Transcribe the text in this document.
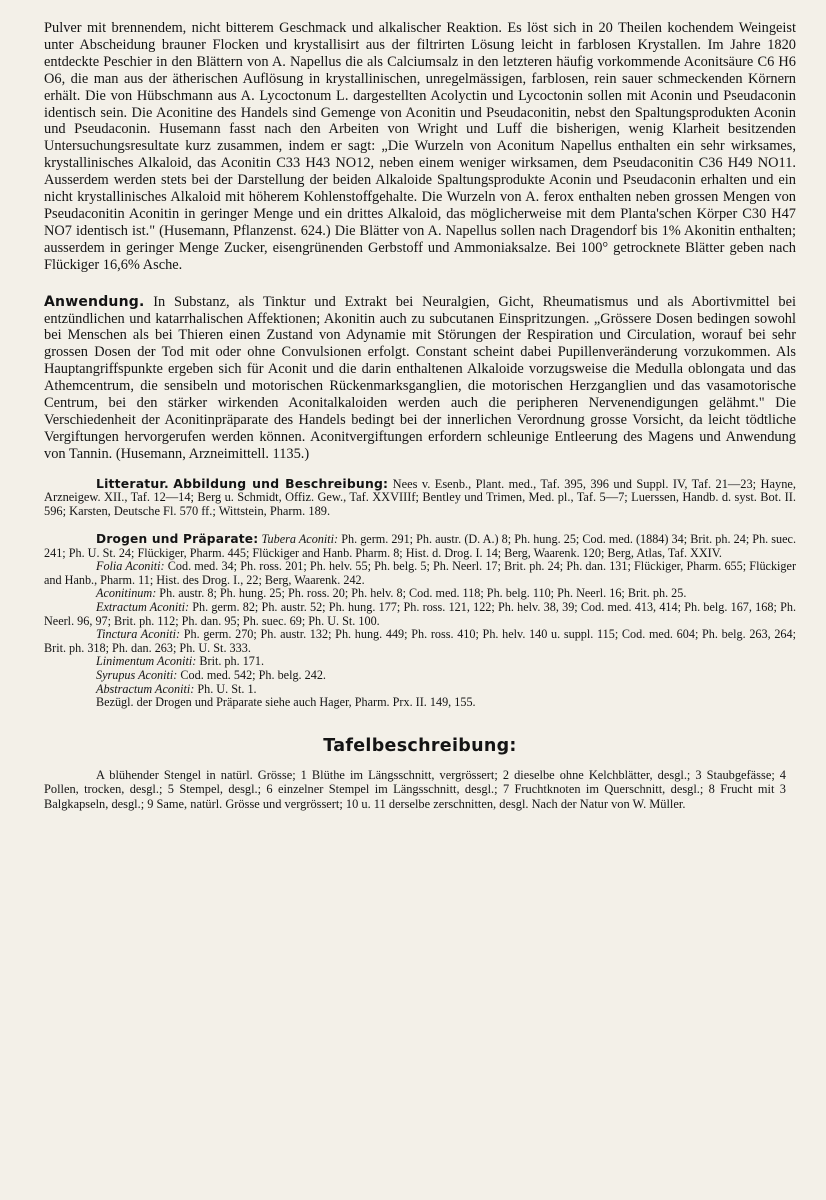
Pulver mit brennendem, nicht bitterem Geschmack und alkalischer Reaktion. Es löst sich in 20 Theilen kochendem Weingeist unter Abscheidung brauner Flocken und krystallisirt aus der filtrirten Lösung leicht in farblosen Krystallen. Im Jahre 1820 entdeckte Peschier in den Blättern von A. Napellus die als Calciumsalz in den letzteren häufig vorkommende Aconitsäure C6 H6 O6, die man aus der ätherischen Auflösung in krystallinischen, unregelmässigen, farblosen, rein sauer schmeckenden Körnern erhält. Die von Hübschmann aus A. Lycoctonum L. dargestellten Acolyctin und Lycoctonin sollen mit Aconin und Pseudaconin identisch sein. Die Aconitine des Handels sind Gemenge von Aconitin und Pseudaconitin, nebst den Spaltungsprodukten Aconin und Pseudaconin. Husemann fasst nach den Arbeiten von Wright und Luff die bisherigen, wenig Klarheit besitzenden Untersuchungsresultate kurz zusammen, indem er sagt: „Die Wurzeln von Aconitum Napellus enthalten ein sehr wirksames, krystallinisches Alkaloid, das Aconitin C33 H43 NO12, neben einem weniger wirksamen, dem Pseudaconitin C36 H49 NO11. Ausserdem werden stets bei der Darstellung der beiden Alkaloide Spaltungsprodukte Aconin und Pseudaconin erhalten und ein nicht krystallinisches Alkaloid mit höherem Kohlenstoffgehalte. Die Wurzeln von A. ferox enthalten neben grossen Mengen von Pseudaconitin Aconitin in geringer Menge und ein drittes Alkaloid, das möglicherweise mit dem Planta'schen Körper C30 H47 NO7 identisch ist." (Husemann, Pflanzenst. 624.) Die Blätter von A. Napellus sollen nach Dragendorf bis 1% Akonitin enthalten; ausserdem in geringer Menge Zucker, eisengrünenden Gerbstoff und Ammoniaksalze. Bei 100° getrocknete Blätter geben nach Flückiger 16,6% Asche.

Anwendung. In Substanz, als Tinktur und Extrakt bei Neuralgien, Gicht, Rheumatismus und als Abortivmittel bei entzündlichen und katarrhalischen Affektionen; Akonitin auch zu subcutanen Einspritzungen. „Grössere Dosen bedingen sowohl bei Menschen als bei Thieren einen Zustand von Adynamie mit Störungen der Respiration und Circulation, worauf bei sehr grossen Dosen der Tod mit oder ohne Convulsionen erfolgt. Constant scheint dabei Pupillenveränderung vorzukommen. Als Hauptangriffspunkte ergeben sich für Aconit und die darin enthaltenen Alkaloide vorzugsweise die Medulla oblongata und das Athemcentrum, die sensibeln und motorischen Rückenmarksganglien, die motorischen Herzganglien und das vasamotorische Centrum, bei den stärker wirkenden Aconitalkaloiden werden auch die peripheren Nervenendigungen gelähmt." Die Verschiedenheit der Aconitinpräparate des Handels bedingt bei der innerlichen Verordnung grosse Vorsicht, da leicht tödtliche Vergiftungen hervorgerufen werden können. Aconitvergiftungen erfordern schleunige Entleerung des Magens und Anwendung von Tannin. (Husemann, Arzneimittell. 1135.)

Litteratur. Abbildung und Beschreibung: Nees v. Esenb., Plant. med., Taf. 395, 396 und Suppl. IV, Taf. 21—23; Hayne, Arzneigew. XII., Taf. 12—14; Berg u. Schmidt, Offiz. Gew., Taf. XXVIIIf; Bentley und Trimen, Med. pl., Taf. 5—7; Luerssen, Handb. d. syst. Bot. II. 596; Karsten, Deutsche Fl. 570 ff.; Wittstein, Pharm. 189.

Drogen und Präparate: Tubera Aconiti: Ph. germ. 291; Ph. austr. (D. A.) 8; Ph. hung. 25; Cod. med. (1884) 34; Brit. ph. 24; Ph. suec. 241; Ph. U. St. 24; Flückiger, Pharm. 445; Flückiger and Hanb. Pharm. 8; Hist. d. Drog. I. 14; Berg, Waarenk. 120; Berg, Atlas, Taf. XXIV.

Folia Aconiti: Cod. med. 34; Ph. ross. 201; Ph. helv. 55; Ph. belg. 5; Ph. Neerl. 17; Brit. ph. 24; Ph. dan. 131; Flückiger, Pharm. 655; Flückiger and Hanb., Pharm. 11; Hist. des Drog. I., 22; Berg, Waarenk. 242.

Aconitinum: Ph. austr. 8; Ph. hung. 25; Ph. ross. 20; Ph. helv. 8; Cod. med. 118; Ph. belg. 110; Ph. Neerl. 16; Brit. ph. 25.

Extractum Aconiti: Ph. germ. 82; Ph. austr. 52; Ph. hung. 177; Ph. ross. 121, 122; Ph. helv. 38, 39; Cod. med. 413, 414; Ph. belg. 167, 168; Ph. Neerl. 96, 97; Brit. ph. 112; Ph. dan. 95; Ph. suec. 69; Ph. U. St. 100.

Tinctura Aconiti: Ph. germ. 270; Ph. austr. 132; Ph. hung. 449; Ph. ross. 410; Ph. helv. 140 u. suppl. 115; Cod. med. 604; Ph. belg. 263, 264; Brit. ph. 318; Ph. dan. 263; Ph. U. St. 333.

Linimentum Aconiti: Brit. ph. 171.

Syrupus Aconiti: Cod. med. 542; Ph. belg. 242.

Abstractum Aconiti: Ph. U. St. 1.

Bezügl. der Drogen und Präparate siehe auch Hager, Pharm. Prx. II. 149, 155.

Tafelbeschreibung:

A blühender Stengel in natürl. Grösse; 1 Blüthe im Längsschnitt, vergrössert; 2 dieselbe ohne Kelchblätter, desgl.; 3 Staubgefässe; 4 Pollen, trocken, desgl.; 5 Stempel, desgl.; 6 einzelner Stempel im Längsschnitt, desgl.; 7 Fruchtknoten im Querschnitt, desgl.; 8 Frucht mit 3 Balgkapseln, desgl.; 9 Same, natürl. Grösse und vergrössert; 10 u. 11 derselbe zerschnitten, desgl. Nach der Natur von W. Müller.
